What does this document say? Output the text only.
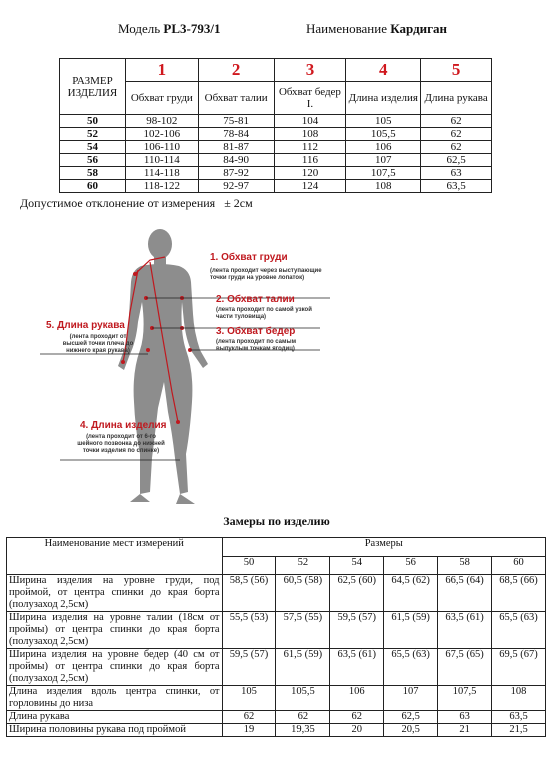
Модель PL3-793/1	Наименование Кардиган
РАЗМЕР ИЗДЕЛИЯ	1	2	3	4	5
	Обхват груди	Обхват талии	Обхват бедер I.	Длина изделия	Длина рукава
50	98-102	75-81	104	105	62
52	102-106	78-84	108	105,5	62
54	106-110	81-87	112	106	62
56	110-114	84-90	116	107	62,5
58	114-118	87-92	120	107,5	63
60	118-122	92-97	124	108	63,5
Допустимое отклонение от измерения ± 2см
1. Обхват груди
(лента проходит через выступающие точки груди на уровне лопаток)
2. Обхват талии
(лента проходит по самой узкой части туловища)
3. Обхват бедер
(лента проходит по самым выпуклым точкам ягодиц)
5. Длина рукава
(лента проходит от высшей точки плеча до нижнего края рукава)
4. Длина изделия
(лента проходит от 6-го шейного позвонка до нижней точки изделия по спинке)
Замеры по изделию
Наименование мест измерений	Размеры					
	50	52	54	56	58	60
Ширина изделия на уровне груди, под проймой, от центра спинки до края борта (полузаход 2,5см)	58,5 (56)	60,5 (58)	62,5 (60)	64,5 (62)	66,5 (64)	68,5 (66)
Ширина изделия на уровне талии (18см от проймы) от центра спинки до края борта (полузаход 2,5см)	55,5 (53)	57,5 (55)	59,5 (57)	61,5 (59)	63,5 (61)	65,5 (63)
Ширина изделия на уровне бедер (40 см от проймы) от центра спинки до края борта (полузаход 2,5см)	59,5 (57)	61,5 (59)	63,5 (61)	65,5 (63)	67,5 (65)	69,5 (67)
Длина изделия вдоль центра спинки, от горловины до низа	105	105,5	106	107	107,5	108
Длина рукава	62	62	62	62,5	63	63,5
Ширина половины рукава под проймой	19	19,35	20	20,5	21	21,5
